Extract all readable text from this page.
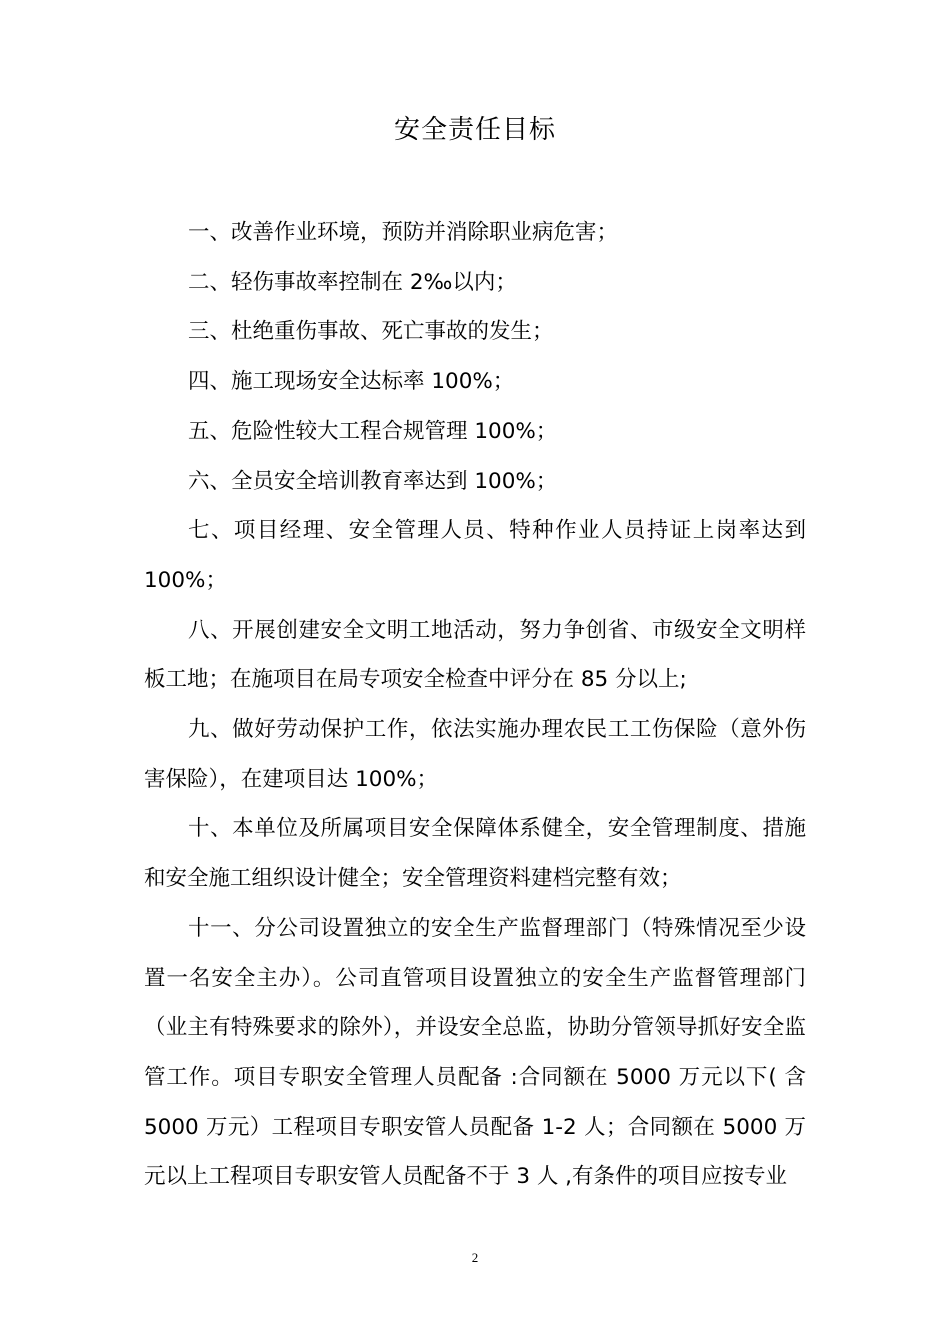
安全责任目标

一、改善作业环境，预防并消除职业病危害；

二、轻伤事故率控制在 2‰以内；

三、杜绝重伤事故、死亡事故的发生；

四、施工现场安全达标率 100%；

五、危险性较大工程合规管理 100%；

六、全员安全培训教育率达到 100%；

七、项目经理、安全管理人员、特种作业人员持证上岗率达到100%；

八、开展创建安全文明工地活动，努力争创省、市级安全文明样板工地；在施项目在局专项安全检查中评分在 85 分以上;

九、做好劳动保护工作，依法实施办理农民工工伤保险（意外伤害保险），在建项目达 100%；

十、本单位及所属项目安全保障体系健全，安全管理制度、措施和安全施工组织设计健全；安全管理资料建档完整有效；

十一、分公司设置独立的安全生产监督理部门（特殊情况至少设置一名安全主办）。公司直管项目设置独立的安全生产监督管理部门（业主有特殊要求的除外），并设安全总监，协助分管领导抓好安全监管工作。项目专职安全管理人员配备 :合同额在 5000 万元以下( 含 5000 万元）工程项目专职安管人员配备 1-2 人；合同额在 5000 万元以上工程项目专职安管人员配备不于 3 人 ,有条件的项目应按专业

2
